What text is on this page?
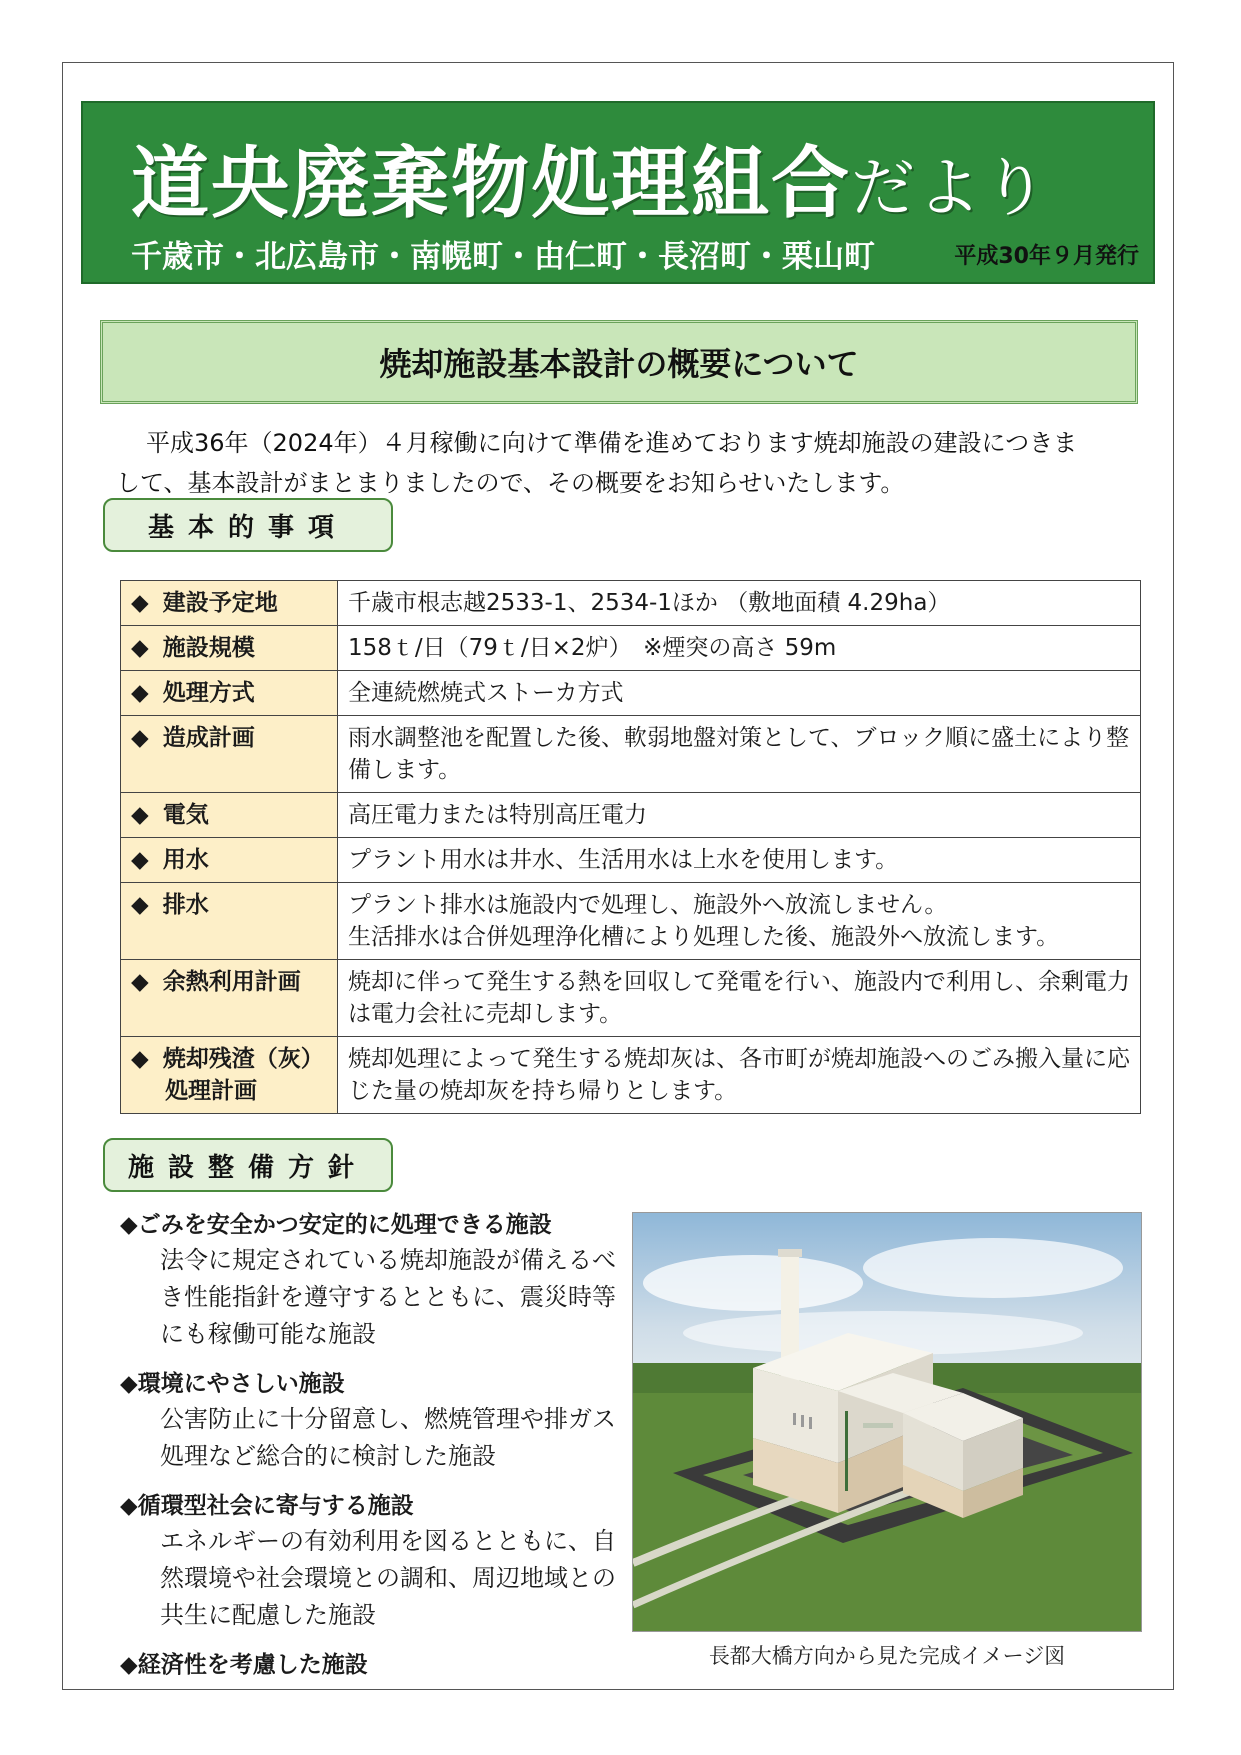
道央廃棄物処理組合だより
千歳市・北広島市・南幌町・由仁町・長沼町・栗山町	平成30年９月発行
焼却施設基本設計の概要について

平成36年（2024年）４月稼働に向けて準備を進めております焼却施設の建設につきま

して、基本設計がまとまりましたので、その概要をお知らせいたします。

基本的事項
◆ 建設予定地	千歳市根志越2533-1、2534-1ほか （敷地面積 4.29ha）
◆ 施設規模	158ｔ/日（79ｔ/日×2炉）　※煙突の高さ 59m
◆ 処理方式	全連続燃焼式ストーカ方式
◆ 造成計画	雨水調整池を配置した後、軟弱地盤対策として、ブロック順に盛土により整備します。
◆ 電気	高圧電力または特別高圧電力
◆ 用水	プラント用水は井水、生活用水は上水を使用します。
◆ 排水	プラント排水は施設内で処理し、施設外へ放流しません。
生活排水は合併処理浄化槽により処理した後、施設外へ放流します。

◆ 余熱利用計画	焼却に伴って発生する熱を回収して発電を行い、施設内で利用し、余剰電力は電力会社に売却します。
◆ 焼却残渣（灰）
処理計画	焼却処理によって発生する焼却灰は、各市町が焼却施設へのごみ搬入量に応じた量の焼却灰を持ち帰りとします。
施設整備方針
◆ごみを安全かつ安定的に処理できる施設
法令に規定されている焼却施設が備えるべき性能指針を遵守するとともに、震災時等にも稼働可能な施設
◆環境にやさしい施設
公害防止に十分留意し、燃焼管理や排ガス処理など総合的に検討した施設
◆循環型社会に寄与する施設
エネルギーの有効利用を図るとともに、自然環境や社会環境との調和、周辺地域との共生に配慮した施設
◆経済性を考慮した施設	長都大橋方向から見た完成イメージ図
